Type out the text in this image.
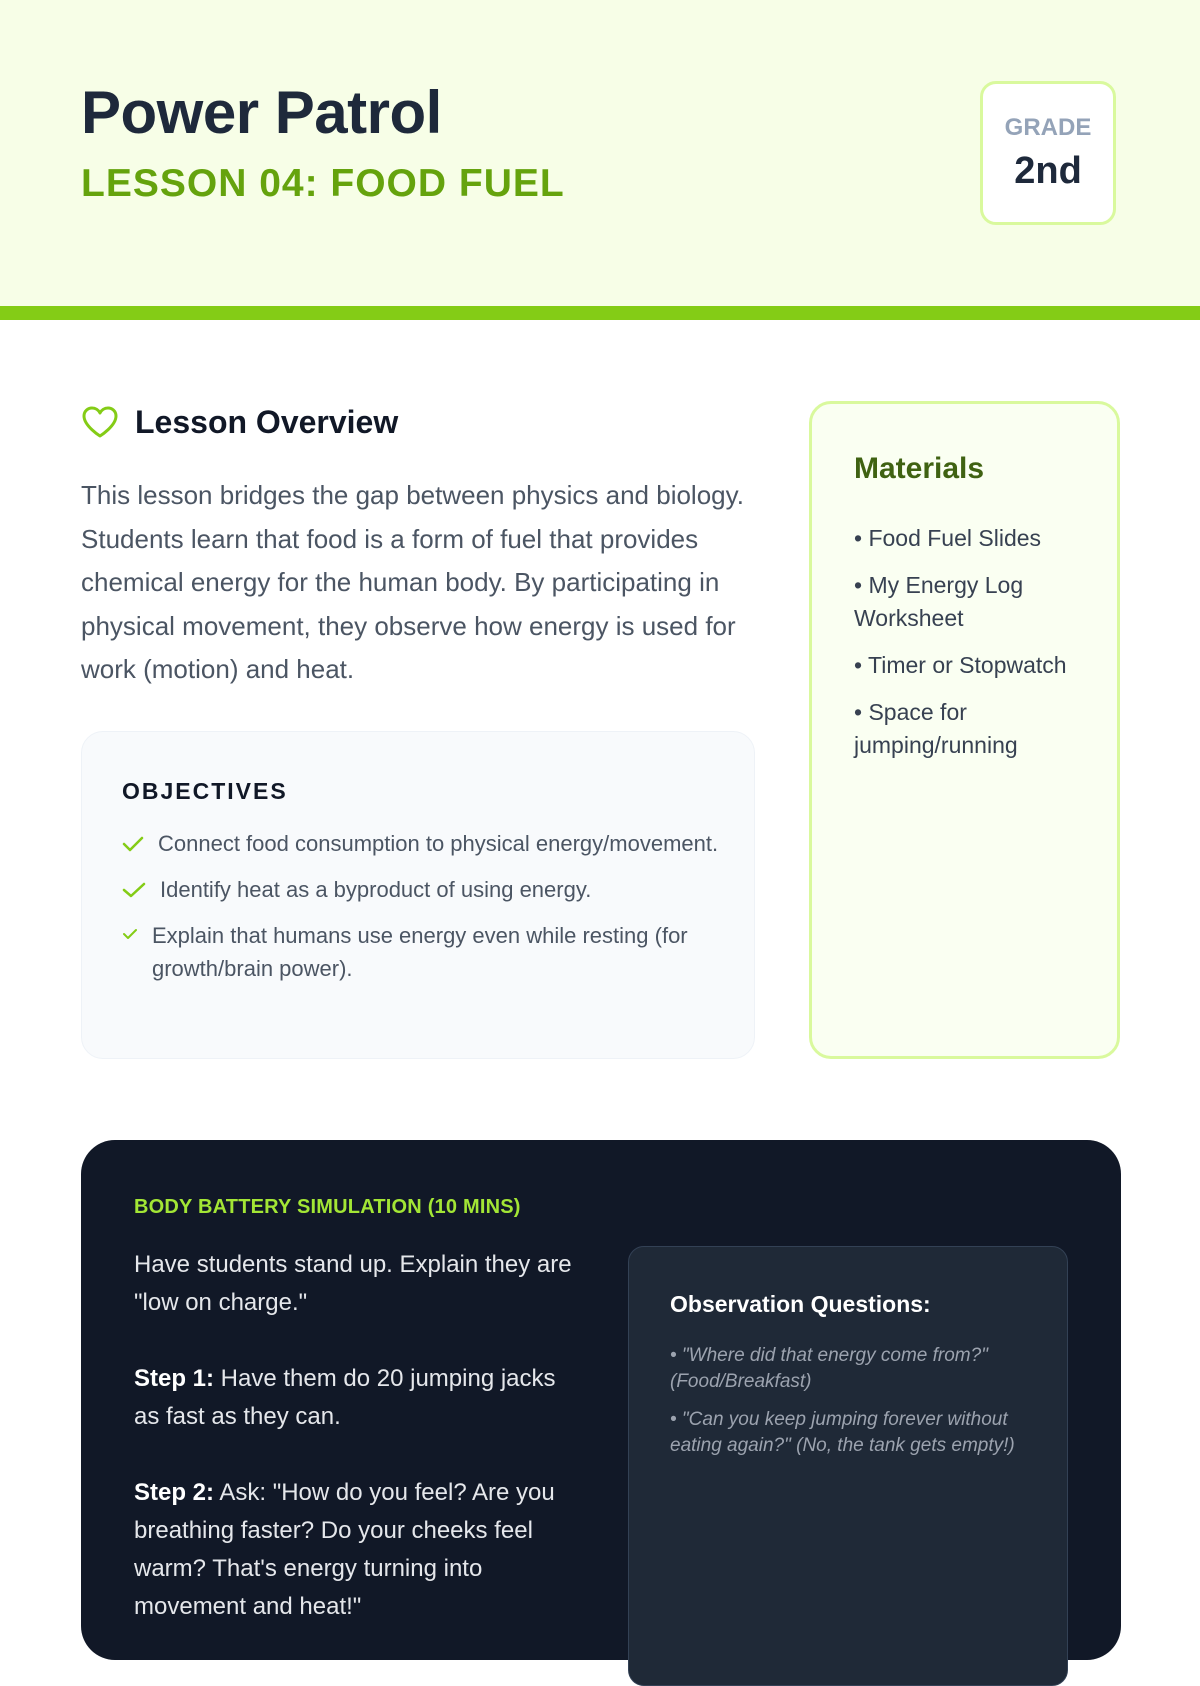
Power Patrol
LESSON 04: FOOD FUEL
GRADE
2nd
Lesson Overview

This lesson bridges the gap between physics and biology. Students learn that food is a form of fuel that provides chemical energy for the human body. By participating in physical movement, they observe how energy is used for work (motion) and heat.

OBJECTIVES
Connect food consumption to physical energy/movement.
Identify heat as a byproduct of using energy.
Explain that humans use energy even while resting (for growth/brain power).
Materials
• Food Fuel Slides
• My Energy Log Worksheet
• Timer or Stopwatch
• Space for jumping/running
BODY BATTERY SIMULATION (10 MINS)

Have students stand up. Explain they are "low on charge."

Step 1: Have them do 20 jumping jacks as fast as they can.

Step 2: Ask: "How do you feel? Are you breathing faster? Do your cheeks feel warm? That's energy turning into movement and heat!"

Observation Questions:
• "Where did that energy come from?" (Food/Breakfast)
• "Can you keep jumping forever without eating again?" (No, the tank gets empty!)
